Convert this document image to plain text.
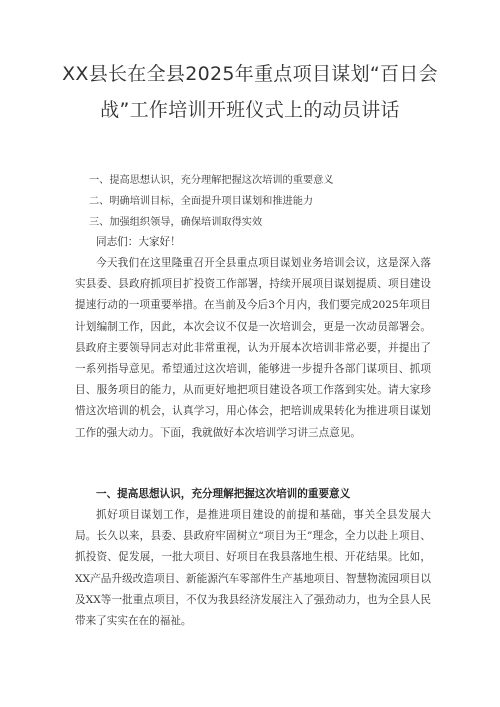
XX县长在全县2025年重点项目谋划“百日会战”工作培训开班仪式上的动员讲话
一、提高思想认识，充分理解把握这次培训的重要意义
二、明确培训目标，全面提升项目谋划和推进能力
三、加强组织领导，确保培训取得实效
同志们：大家好！
今天我们在这里隆重召开全县重点项目谋划业务培训会议，这是深入落实县委、县政府抓项目扩投资工作部署，持续开展项目谋划提质、项目建设提速行动的一项重要举措。在当前及今后3个月内，我们要完成2025年项目计划编制工作，因此，本次会议不仅是一次培训会，更是一次动员部署会。县政府主要领导同志对此非常重视，认为开展本次培训非常必要，并提出了一系列指导意见。希望通过这次培训，能够进一步提升各部门谋项目、抓项目、服务项目的能力，从而更好地把项目建设各项工作落到实处。请大家珍惜这次培训的机会，认真学习，用心体会，把培训成果转化为推进项目谋划工作的强大动力。下面，我就做好本次培训学习讲三点意见。
一、提高思想认识，充分理解把握这次培训的重要意义
抓好项目谋划工作，是推进项目建设的前提和基础，事关全县发展大局。长久以来，县委、县政府牢固树立“项目为王”理念，全力以赴上项目、抓投资、促发展，一批大项目、好项目在我县落地生根、开花结果。比如，XX产品升级改造项目、新能源汽车零部件生产基地项目、智慧物流园项目以及XX等一批重点项目，不仅为我县经济发展注入了强劲动力，也为全县人民带来了实实在在的福祉。
